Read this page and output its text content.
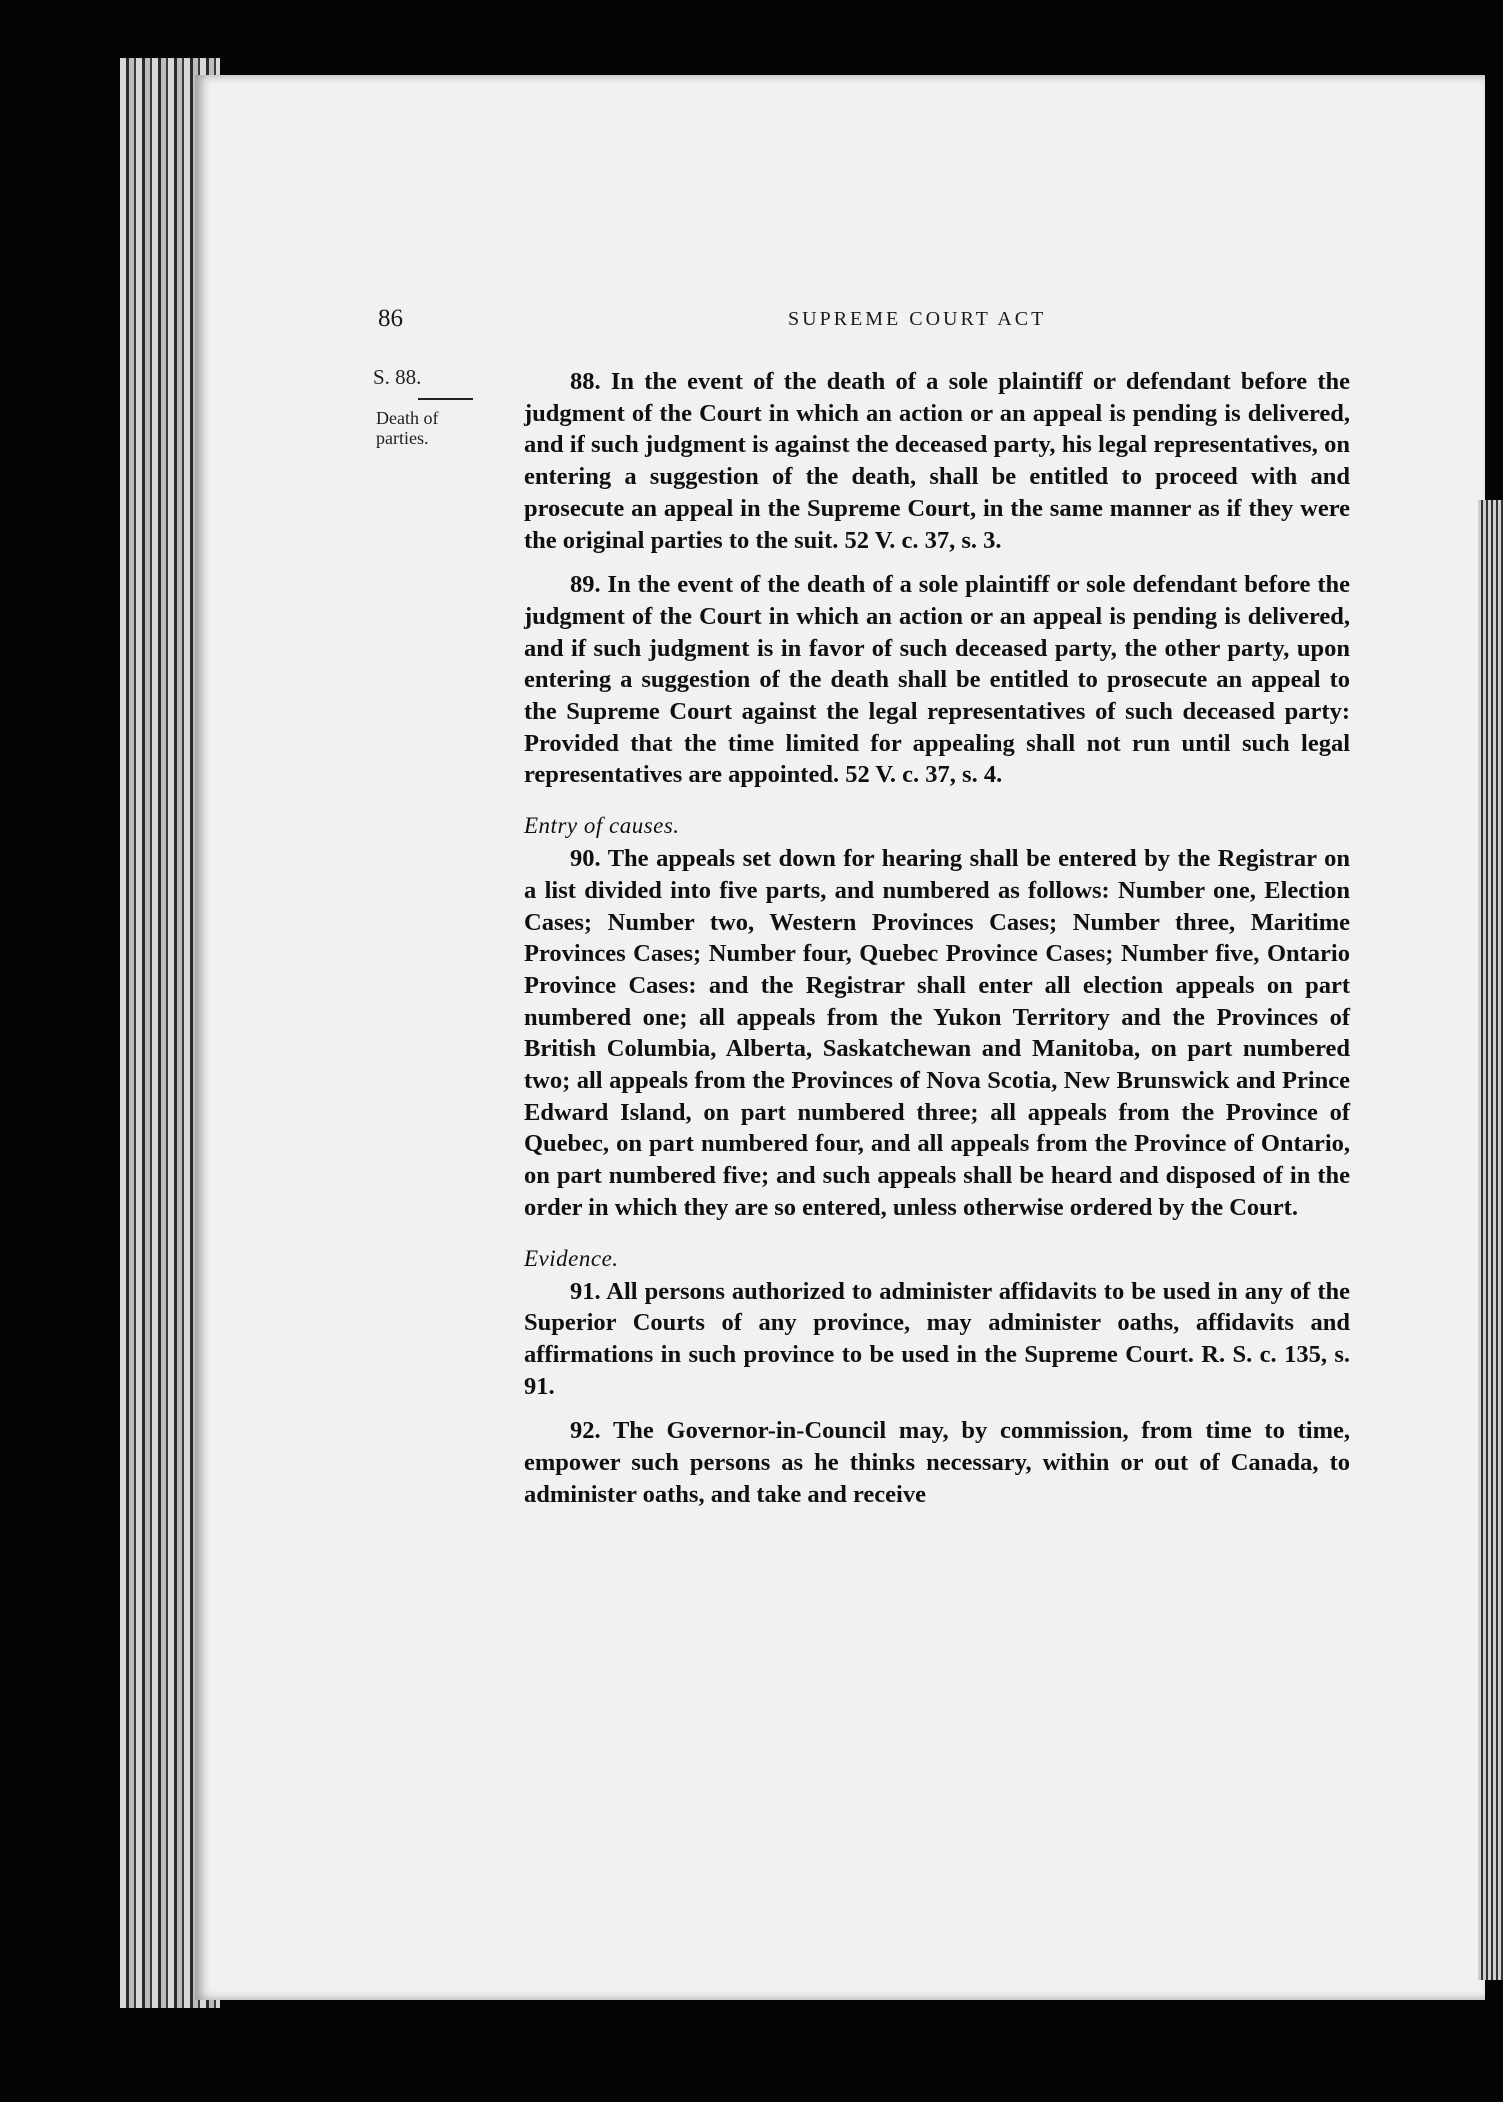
86	SUPREME COURT ACT
S. 88.
Death of parties.

88. In the event of the death of a sole plaintiff or defendant before the judgment of the Court in which an action or an appeal is pending is delivered, and if such judgment is against the deceased party, his legal representatives, on entering a suggestion of the death, shall be entitled to proceed with and prosecute an appeal in the Supreme Court, in the same manner as if they were the original parties to the suit. 52 V. c. 37, s. 3.

89. In the event of the death of a sole plaintiff or sole defendant before the judgment of the Court in which an action or an appeal is pending is delivered, and if such judgment is in favor of such deceased party, the other party, upon entering a suggestion of the death shall be entitled to prosecute an appeal to the Supreme Court against the legal representatives of such deceased party: Provided that the time limited for appealing shall not run until such legal representatives are appointed. 52 V. c. 37, s. 4.

Entry of causes.

90. The appeals set down for hearing shall be entered by the Registrar on a list divided into five parts, and numbered as follows: Number one, Election Cases; Number two, Western Provinces Cases; Number three, Maritime Provinces Cases; Number four, Quebec Province Cases; Number five, Ontario Province Cases: and the Registrar shall enter all election appeals on part numbered one; all appeals from the Yukon Territory and the Provinces of British Columbia, Alberta, Saskatchewan and Manitoba, on part numbered two; all appeals from the Provinces of Nova Scotia, New Brunswick and Prince Edward Island, on part numbered three; all appeals from the Province of Quebec, on part numbered four, and all appeals from the Province of Ontario, on part numbered five; and such appeals shall be heard and disposed of in the order in which they are so entered, unless otherwise ordered by the Court.

Evidence.

91. All persons authorized to administer affidavits to be used in any of the Superior Courts of any province, may administer oaths, affidavits and affirmations in such province to be used in the Supreme Court. R. S. c. 135, s. 91.

92. The Governor-in-Council may, by commission, from time to time, empower such persons as he thinks necessary, within or out of Canada, to administer oaths, and take and receive
